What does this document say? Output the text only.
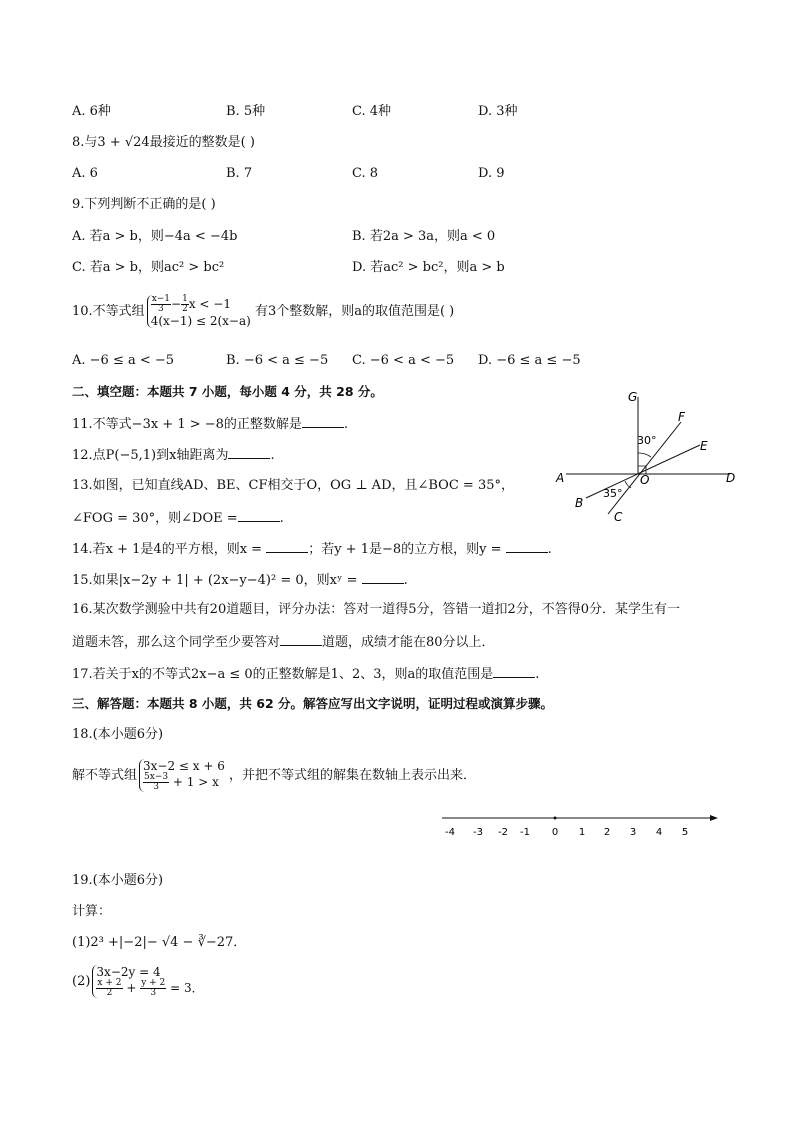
A. 6种	B. 5种	C. 4种	D. 3种
8.与3 + √24最接近的整数是( )
A. 6	B. 7	C. 8	D. 9
9.下列判断不正确的是( )
A. 若a > b，则−4a < −4b	B. 若2a > 3a，则a < 0
C. 若a > b，则ac² > bc²	D. 若ac² > bc²，则a > b
10.不等式组 $\frac{x-1}{3} - \frac{1}{2}$ x < −1
4(x−1) ≤ 2(x−a)
有3个整数解，则a的取值范围是( )
A. −6 ≤ a < −5	B. −6 < a ≤ −5 C. −6 < a < −5 D. −6 ≤ a ≤ −5
二、填空题：本题共 7 小题，每小题 4 分，共 28 分。
11.不等式−3x + 1 > −8的正整数解是	.
12.点P(−5,1)到x轴距离为	.
13.如图，已知直线AD、BE、CF相交于O，OG ⊥ AD，且∠BOC = 35°，
∠FOG = 30°，则∠DOE =	.
14.若x + 1是4的平方根，则x =	；若y + 1是−8的立方根，则y =	.
15.如果|x−2y + 1| + (2x−y−4)² = 0，则xʸ =	.
16.某次数学测验中共有20道题目，评分办法：答对一道得5分，答错一道扣2分，不答得0分．某学生有一
道题未答，那么这个同学至少要答对	道题，成绩才能在80分以上．
17.若关于x的不等式2x−a ≤ 0的正整数解是1、2、3，则a的取值范围是	.
三、解答题：本题共 8 小题，共 62 分。解答应写出文字说明，证明过程或演算步骤。
18.(本小题6分)
解不等式组
3x−2 ≤ x + 6
$\frac{5x-3}{3} + 1 > x$ ，并把不等式组的解集在数轴上表示出来．
-4 -3 -2 -1 0 1 2 3 4 5
19.(本小题6分)
计算：
(1)2³ +|−2|− √4 − ∛−27．
(2)
3x−2y = 4
$\frac{x + 2}{2} + \frac{y + 2}{3} = 3$．
G
F
E
D
A	O
B
C
30°
35°
